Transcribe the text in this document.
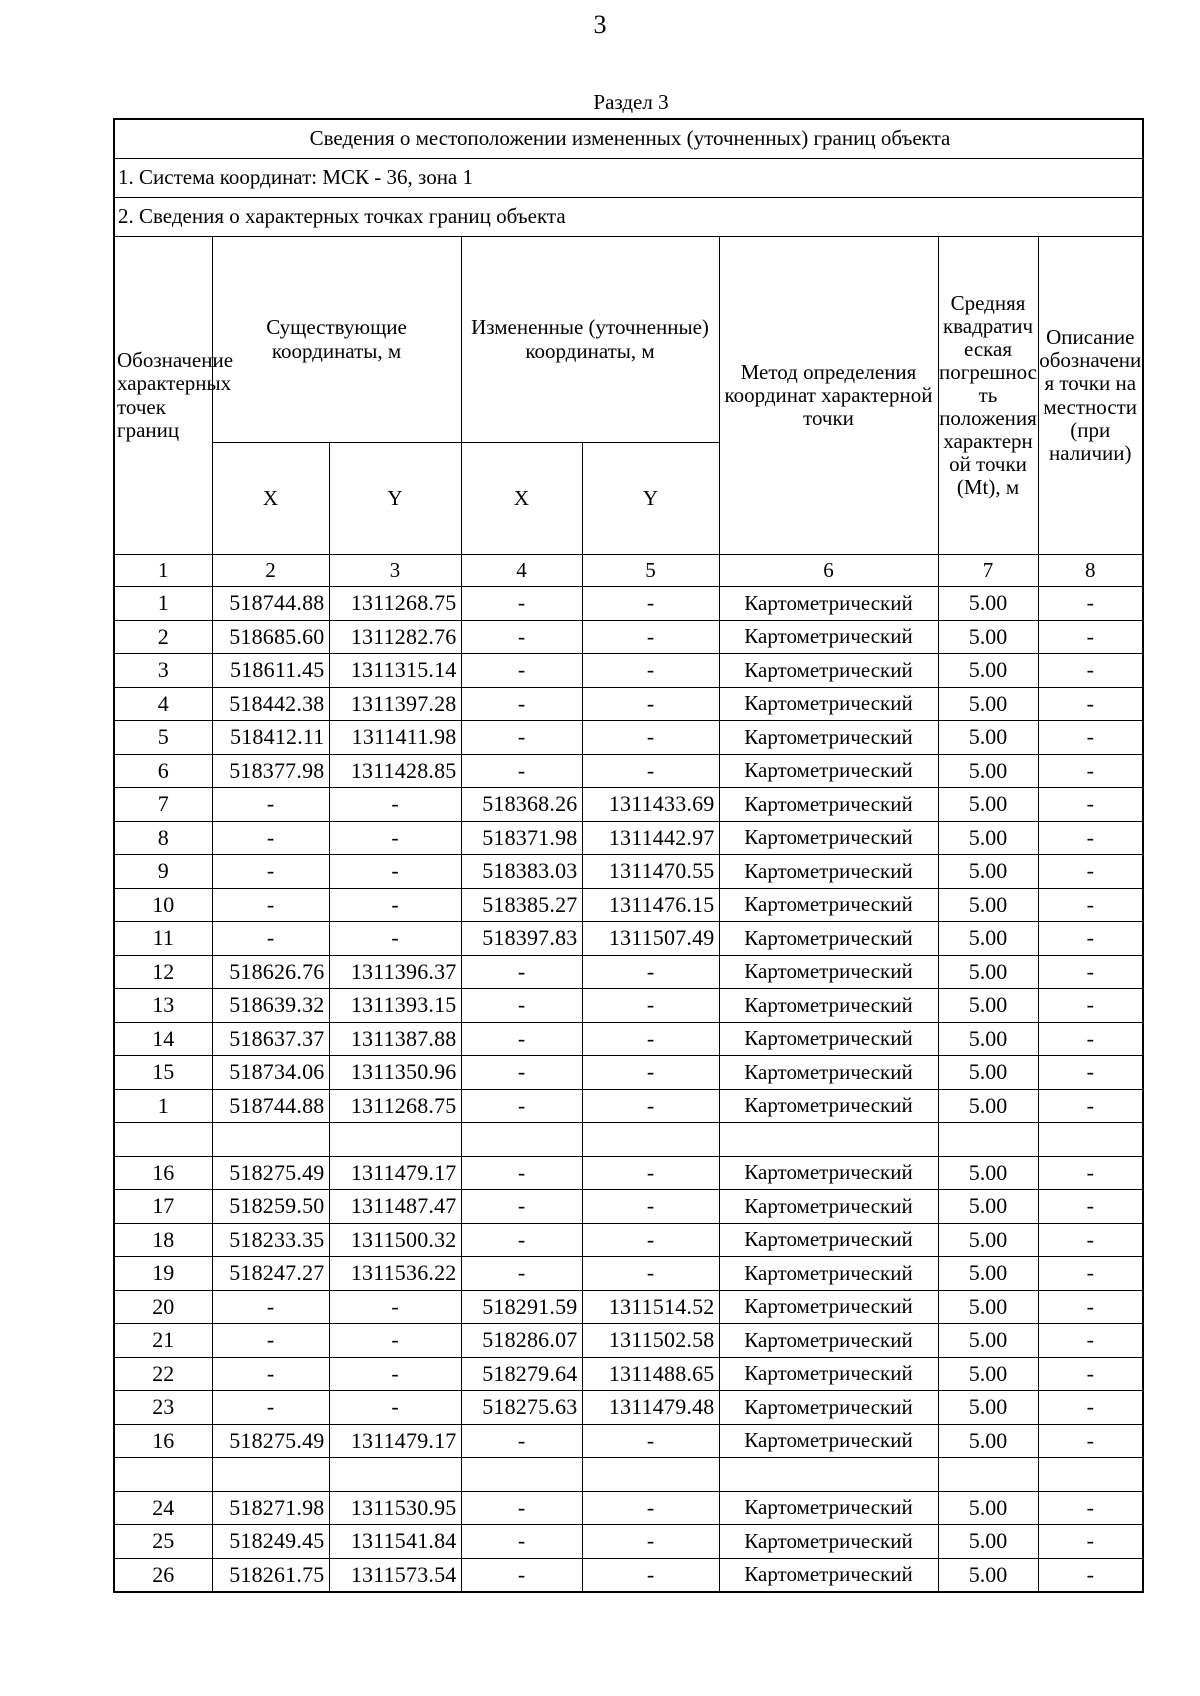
3
Раздел 3
Сведения о местоположении измененных (уточненных) границ объекта							
1. Система координат: МСК - 36, зона 1							
2. Сведения о характерных точках границ объекта							
Обозначение характерных точек границ	Существующие координаты, м		Измененные (уточненные) координаты, м		Метод определения координат характерной точки	Средняя квадратическая погрешность положения характерной точки (Mt), м	Описание обозначения точки на местности (при наличии)
	X	Y	X	Y			
1	2	3	4	5	6	7	8
1	518744.88	1311268.75	-	-	Картометрический	5.00	-
2	518685.60	1311282.76	-	-	Картометрический	5.00	-
3	518611.45	1311315.14	-	-	Картометрический	5.00	-
4	518442.38	1311397.28	-	-	Картометрический	5.00	-
5	518412.11	1311411.98	-	-	Картометрический	5.00	-
6	518377.98	1311428.85	-	-	Картометрический	5.00	-
7	-	-	518368.26	1311433.69	Картометрический	5.00	-
8	-	-	518371.98	1311442.97	Картометрический	5.00	-
9	-	-	518383.03	1311470.55	Картометрический	5.00	-
10	-	-	518385.27	1311476.15	Картометрический	5.00	-
11	-	-	518397.83	1311507.49	Картометрический	5.00	-
12	518626.76	1311396.37	-	-	Картометрический	5.00	-
13	518639.32	1311393.15	-	-	Картометрический	5.00	-
14	518637.37	1311387.88	-	-	Картометрический	5.00	-
15	518734.06	1311350.96	-	-	Картометрический	5.00	-
1	518744.88	1311268.75	-	-	Картометрический	5.00	-

16	518275.49	1311479.17	-	-	Картометрический	5.00	-
17	518259.50	1311487.47	-	-	Картометрический	5.00	-
18	518233.35	1311500.32	-	-	Картометрический	5.00	-
19	518247.27	1311536.22	-	-	Картометрический	5.00	-
20	-	-	518291.59	1311514.52	Картометрический	5.00	-
21	-	-	518286.07	1311502.58	Картометрический	5.00	-
22	-	-	518279.64	1311488.65	Картометрический	5.00	-
23	-	-	518275.63	1311479.48	Картометрический	5.00	-
16	518275.49	1311479.17	-	-	Картометрический	5.00	-

24	518271.98	1311530.95	-	-	Картометрический	5.00	-
25	518249.45	1311541.84	-	-	Картометрический	5.00	-
26	518261.75	1311573.54	-	-	Картометрический	5.00	-
